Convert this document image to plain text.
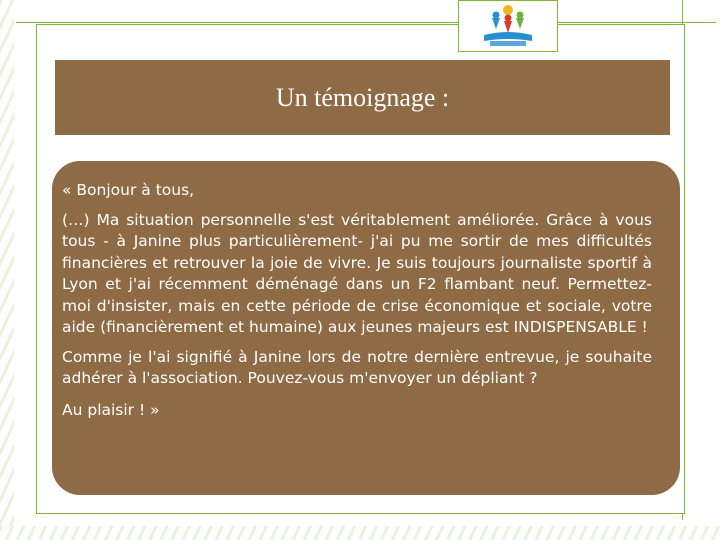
Un témoignage :

« Bonjour à tous,

(…) Ma situation personnelle s'est véritablement améliorée. Grâce à vous tous - à Janine plus particulièrement- j'ai pu me sortir de mes difficultés financières et retrouver la joie de vivre. Je suis toujours journaliste sportif à Lyon et j'ai récemment déménagé dans un F2 flambant neuf. Permettez-moi d'insister, mais en cette période de crise économique et sociale, votre aide (financièrement et humaine) aux jeunes majeurs est INDISPENSABLE !

Comme je l'ai signifié à Janine lors de notre dernière entrevue, je souhaite adhérer à l'association. Pouvez-vous m'envoyer un dépliant ?

Au plaisir ! »
